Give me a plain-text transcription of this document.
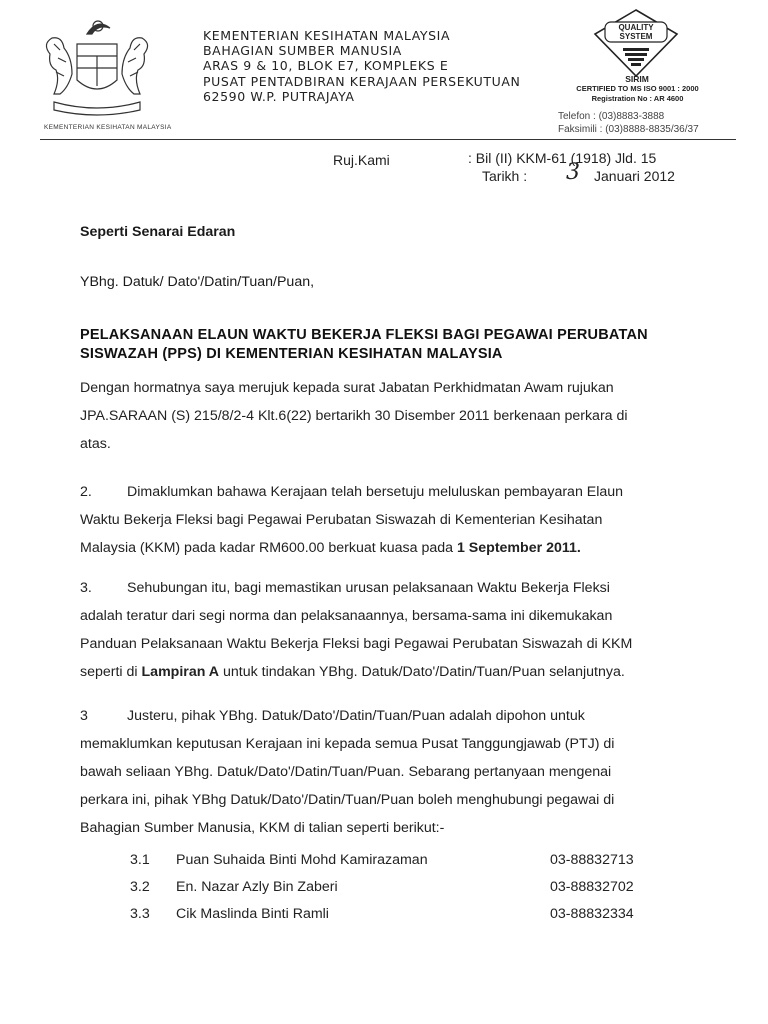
KEMENTERIAN KESIHATAN MALAYSIA
KEMENTERIAN KESIHATAN MALAYSIA
BAHAGIAN SUMBER MANUSIA
ARAS 9 & 10, BLOK E7, KOMPLEKS E
PUSAT PENTADBIRAN KERAJAAN PERSEKUTUAN
62590 W.P. PUTRAJAYA
QUALITY
SYSTEM
SIRIM
CERTIFIED TO MS ISO 9001 : 2000
Registration No : AR 4600
Telefon : (03)8883-3888
Faksimili : (03)8888-8835/36/37
Ruj.Kami	: Bil (II) KKM-61 (1918) Jld. 15
Tarikh : 3 Januari 2012
Seperti Senarai Edaran
YBhg. Datuk/ Dato'/Datin/Tuan/Puan,
PELAKSANAAN ELAUN WAKTU BEKERJA FLEKSI BAGI PEGAWAI PERUBATAN
SISWAZAH (PPS) DI KEMENTERIAN KESIHATAN MALAYSIA
Dengan hormatnya saya merujuk kepada surat Jabatan Perkhidmatan Awam rujukan
JPA.SARAAN (S) 215/8/2-4 Klt.6(22) bertarikh 30 Disember 2011 berkenaan perkara di
atas.
2. Dimaklumkan bahawa Kerajaan telah bersetuju meluluskan pembayaran Elaun
Waktu Bekerja Fleksi bagi Pegawai Perubatan Siswazah di Kementerian Kesihatan
Malaysia (KKM) pada kadar RM600.00 berkuat kuasa pada 1 September 2011.
3. Sehubungan itu, bagi memastikan urusan pelaksanaan Waktu Bekerja Fleksi
adalah teratur dari segi norma dan pelaksanaannya, bersama-sama ini dikemukakan
Panduan Pelaksanaan Waktu Bekerja Fleksi bagi Pegawai Perubatan Siswazah di KKM
seperti di Lampiran A untuk tindakan YBhg. Datuk/Dato'/Datin/Tuan/Puan selanjutnya.
3	Justeru, pihak YBhg. Datuk/Dato'/Datin/Tuan/Puan adalah dipohon untuk
memaklumkan keputusan Kerajaan ini kepada semua Pusat Tanggungjawab (PTJ) di
bawah seliaan YBhg. Datuk/Dato'/Datin/Tuan/Puan. Sebarang pertanyaan mengenai
perkara ini, pihak YBhg Datuk/Dato'/Datin/Tuan/Puan boleh menghubungi pegawai di
Bahagian Sumber Manusia, KKM di talian seperti berikut:-
3.1 Puan Suhaida Binti Mohd Kamirazaman	03-88832713
3.2 En. Nazar Azly Bin Zaberi	03-88832702
3.3 Cik Maslinda Binti Ramli	03-88832334
